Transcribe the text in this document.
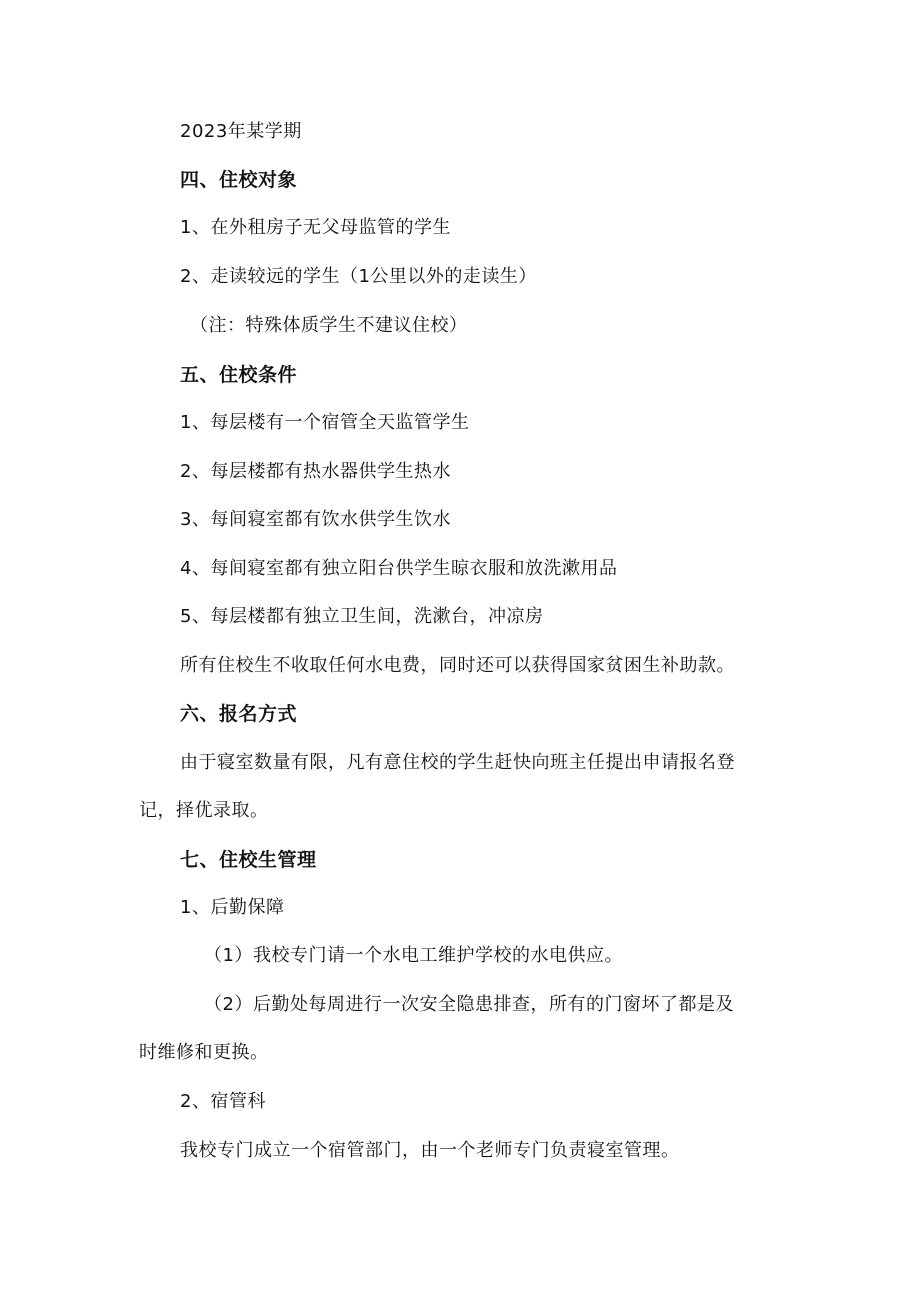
2023年某学期
四、住校对象
1、在外租房子无父母监管的学生
2、走读较远的学生（1公里以外的走读生）
（注：特殊体质学生不建议住校）
五、住校条件
1、每层楼有一个宿管全天监管学生
2、每层楼都有热水器供学生热水
3、每间寝室都有饮水供学生饮水
4、每间寝室都有独立阳台供学生晾衣服和放洗漱用品
5、每层楼都有独立卫生间，洗漱台，冲凉房
所有住校生不收取任何水电费，同时还可以获得国家贫困生补助款。
六、报名方式
由于寝室数量有限，凡有意住校的学生赶快向班主任提出申请报名登
记，择优录取。
七、住校生管理
1、后勤保障
（1）我校专门请一个水电工维护学校的水电供应。
（2）后勤处每周进行一次安全隐患排查，所有的门窗坏了都是及
时维修和更换。
2、宿管科
我校专门成立一个宿管部门，由一个老师专门负责寝室管理。
